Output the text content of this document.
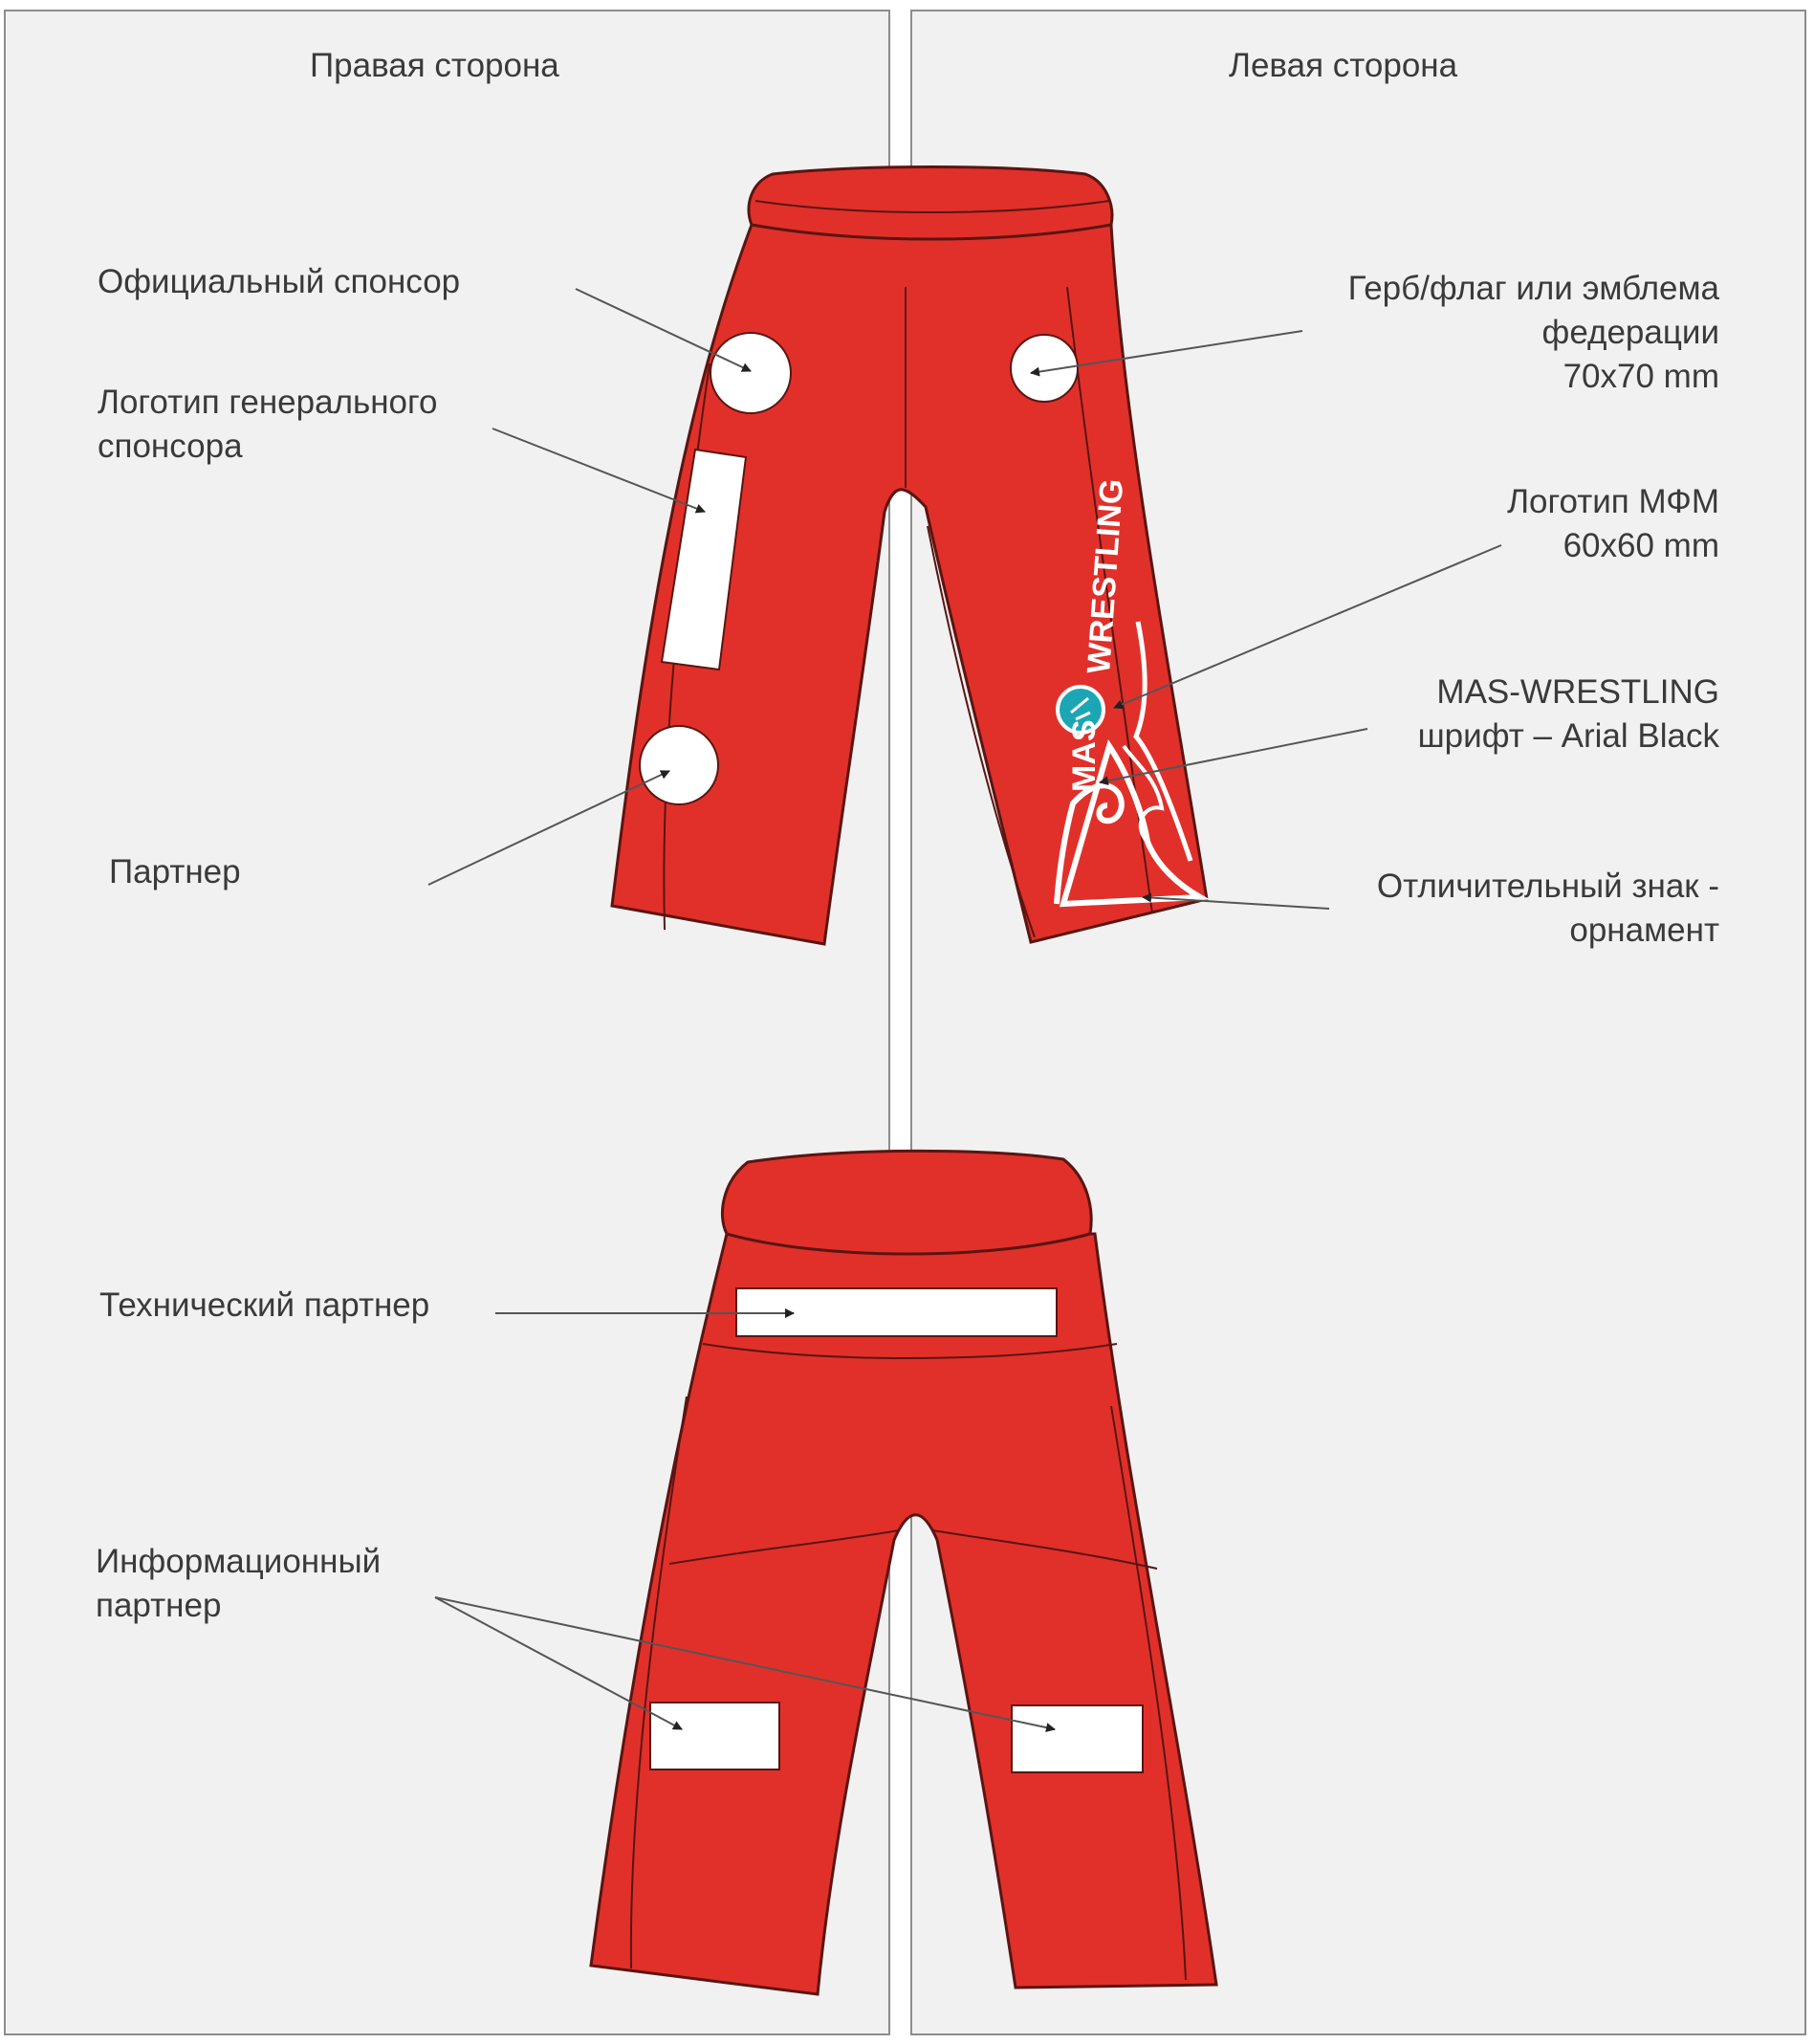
MAS
WRESTLING

Правая сторона	Левая сторона

Официальный спонсор

Логотип генерального
спонсора

Партнер

Герб/флаг или эмблема
федерации
70x70 mm
Логотип МФМ
60x60 mm
MAS-WRESTLING
шрифт – Arial Black
Отличительный знак -
орнамент

Технический партнер

Информационный
партнер
